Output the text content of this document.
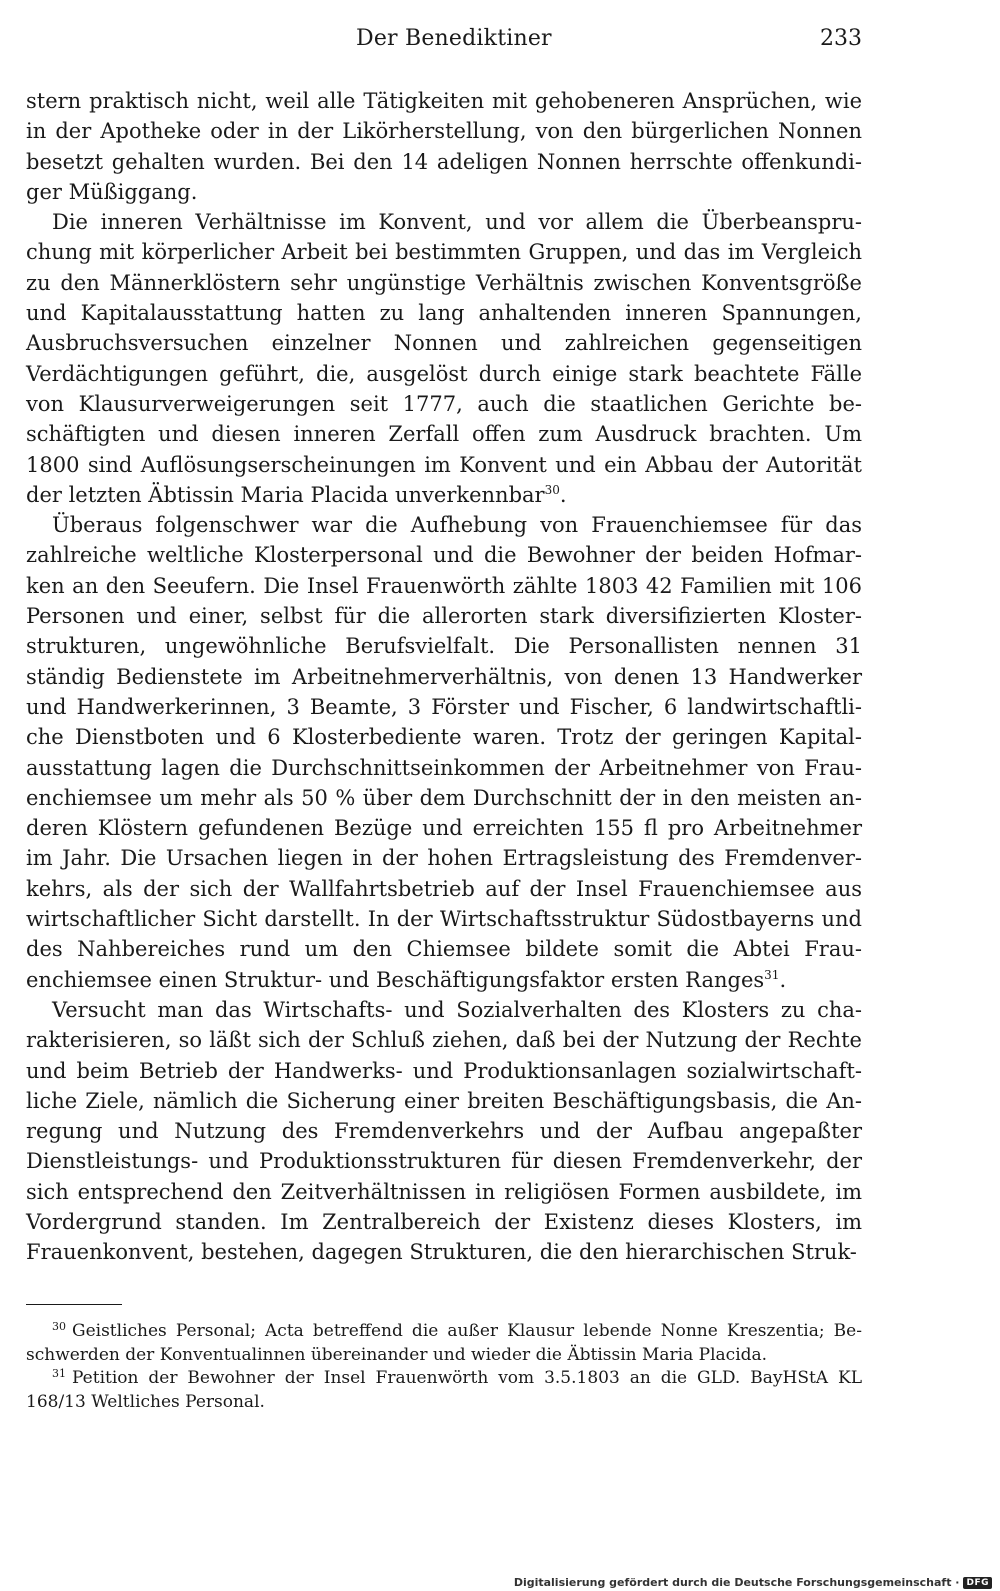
Der Benediktiner	233

stern praktisch nicht, weil alle Tätigkeiten mit gehobeneren Ansprüchen, wie in der Apotheke oder in der Likörherstellung, von den bürgerlichen Nonnen besetzt gehalten wurden. Bei den 14 adeligen Nonnen herrschte offenkundiger Müßiggang.

Die inneren Verhältnisse im Konvent, und vor allem die Überbeanspruchung mit körperlicher Arbeit bei bestimmten Gruppen, und das im Vergleich zu den Männerklöstern sehr ungünstige Verhältnis zwischen Konventsgröße und Kapitalausstattung hatten zu lang anhaltenden inneren Spannungen, Ausbruchsversuchen einzelner Nonnen und zahlreichen gegenseitigen Verdächtigungen geführt, die, ausgelöst durch einige stark beachtete Fälle von Klausurverweigerungen seit 1777, auch die staatlichen Gerichte beschäftigten und diesen inneren Zerfall offen zum Ausdruck brachten. Um 1800 sind Auflösungserscheinungen im Konvent und ein Abbau der Autorität der letzten Äbtissin Maria Placida unverkennbar$^{30}$.

Überaus folgenschwer war die Aufhebung von Frauenchiemsee für das zahlreiche weltliche Klosterpersonal und die Bewohner der beiden Hofmarken an den Seeufern. Die Insel Frauenwörth zählte 1803 42 Familien mit 106 Personen und einer, selbst für die allerorten stark diversifizierten Klosterstrukturen, ungewöhnliche Berufsvielfalt. Die Personallisten nennen 31 ständig Bedienstete im Arbeitnehmerverhältnis, von denen 13 Handwerker und Handwerkerinnen, 3 Beamte, 3 Förster und Fischer, 6 landwirtschaftliche Dienstboten und 6 Klosterbediente waren. Trotz der geringen Kapitalausstattung lagen die Durchschnittseinkommen der Arbeitnehmer von Frauenchiemsee um mehr als 50 % über dem Durchschnitt der in den meisten anderen Klöstern gefundenen Bezüge und erreichten 155 fl pro Arbeitnehmer im Jahr. Die Ursachen liegen in der hohen Ertragsleistung des Fremdenverkehrs, als der sich der Wallfahrtsbetrieb auf der Insel Frauenchiemsee aus wirtschaftlicher Sicht darstellt. In der Wirtschaftsstruktur Südostbayerns und des Nahbereiches rund um den Chiemsee bildete somit die Abtei Frauenchiemsee einen Struktur- und Beschäftigungsfaktor ersten Ranges$^{31}$.

Versucht man das Wirtschafts- und Sozialverhalten des Klosters zu charakterisieren, so läßt sich der Schluß ziehen, daß bei der Nutzung der Rechte und beim Betrieb der Handwerks- und Produktionsanlagen sozialwirtschaftliche Ziele, nämlich die Sicherung einer breiten Beschäftigungsbasis, die Anregung und Nutzung des Fremdenverkehrs und der Aufbau angepaßter Dienstleistungs- und Produktionsstrukturen für diesen Fremdenverkehr, der sich entsprechend den Zeitverhältnissen in religiösen Formen ausbildete, im Vordergrund standen. Im Zentralbereich der Existenz dieses Klosters, im Frauenkonvent, bestehen, dagegen Strukturen, die den hierarchischen Struk-

$^{30}$ Geistliches Personal; Acta betreffend die außer Klausur lebende Nonne Kreszentia; Beschwerden der Konventualinnen übereinander und wieder die Äbtissin Maria Placida.

$^{31}$ Petition der Bewohner der Insel Frauenwörth vom 3.5.1803 an die GLD. BayHStA KL 168/13 Weltliches Personal.

Digitalisierung gefördert durch die Deutsche Forschungsgemeinschaft · DFG
